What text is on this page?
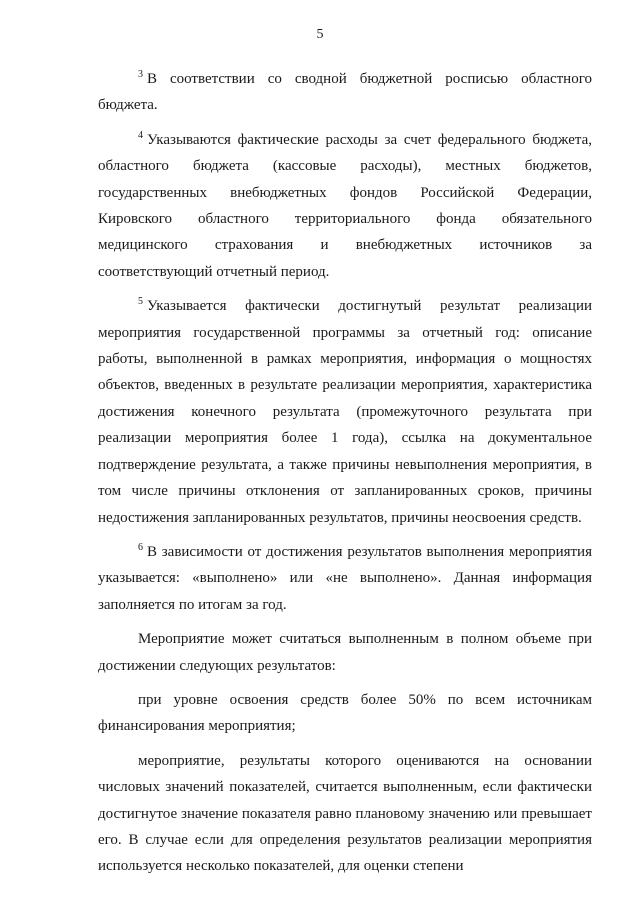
5

$^3$ В соответствии со сводной бюджетной росписью областного бюджета.

$^4$ Указываются фактические расходы за счет федерального бюджета, областного бюджета (кассовые расходы), местных бюджетов, государственных внебюджетных фондов Российской Федерации, Кировского областного территориального фонда обязательного медицинского страхования и внебюджетных источников за соответствующий отчетный период.

$^5$ Указывается фактически достигнутый результат реализации мероприятия государственной программы за отчетный год: описание работы, выполненной в рамках мероприятия, информация о мощностях объектов, введенных в результате реализации мероприятия, характеристика достижения конечного результата (промежуточного результата при реализации мероприятия более 1 года), ссылка на документальное подтверждение результата, а также причины невыполнения мероприятия, в том числе причины отклонения от запланированных сроков, причины недостижения запланированных результатов, причины неосвоения средств.

$^6$ В зависимости от достижения результатов выполнения мероприятия указывается: «выполнено» или «не выполнено». Данная информация заполняется по итогам за год.

Мероприятие может считаться выполненным в полном объеме при достижении следующих результатов:

при уровне освоения средств более 50% по всем источникам финансирования мероприятия;

мероприятие, результаты которого оцениваются на основании числовых значений показателей, считается выполненным, если фактически достигнутое значение показателя равно плановому значению или превышает его. В случае если для определения результатов реализации мероприятия используется несколько показателей, для оценки степени
